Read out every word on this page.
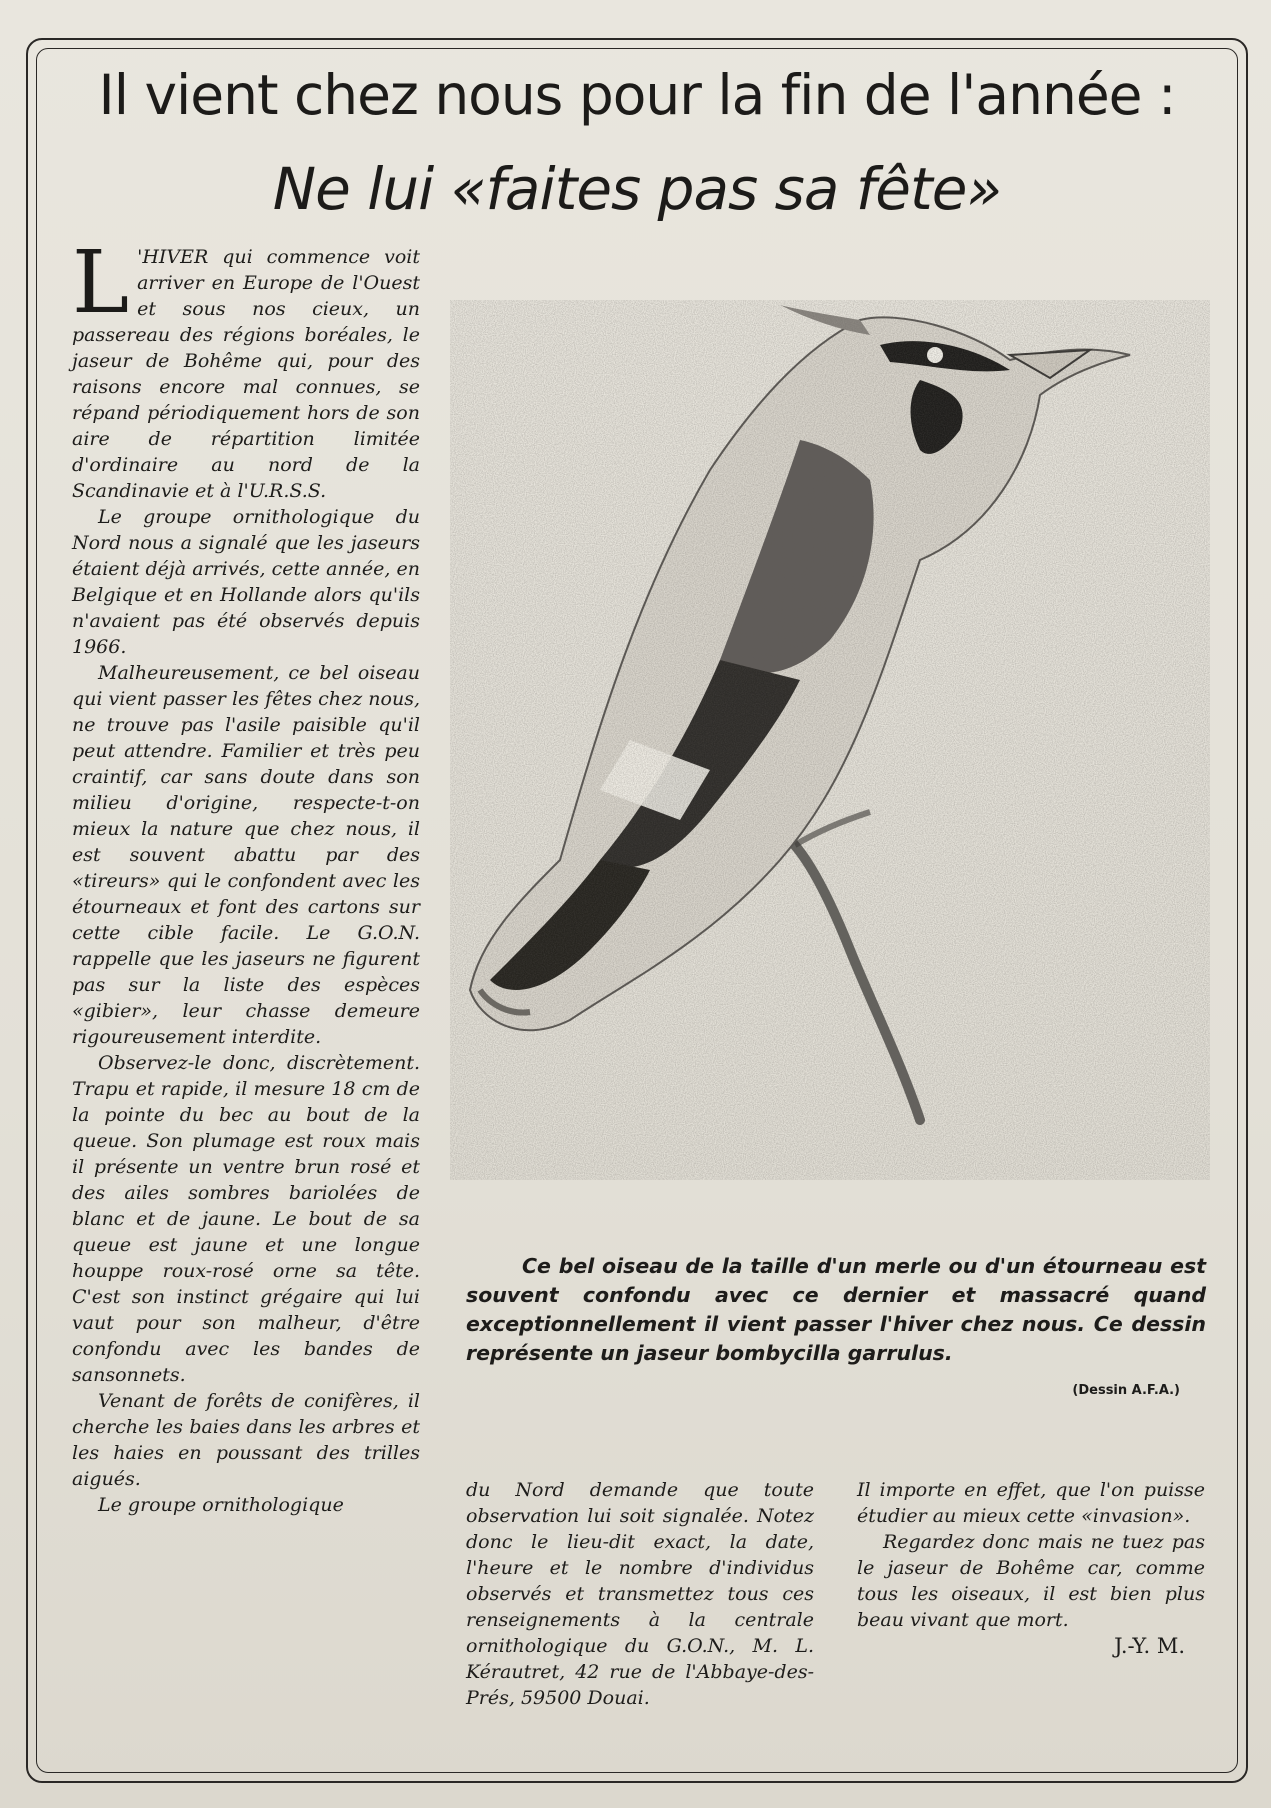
Il vient chez nous pour la fin de l'année :
Ne lui «faites pas sa fête»

L 'HIVER qui commence voit arriver en Europe de l'Ouest et sous nos cieux, un passereau des régions boréales, le jaseur de Bohême qui, pour des raisons encore mal connues, se répand périodiquement hors de son aire de répartition limitée d'ordinaire au nord de la Scandinavie et à l'U.R.S.S.

Le groupe ornithologique du Nord nous a signalé que les jaseurs étaient déjà arrivés, cette année, en Belgique et en Hollande alors qu'ils n'avaient pas été observés depuis 1966.

Malheureusement, ce bel oiseau qui vient passer les fêtes chez nous, ne trouve pas l'asile paisible qu'il peut attendre. Familier et très peu craintif, car sans doute dans son milieu d'origine, respecte-t-on mieux la nature que chez nous, il est souvent abattu par des «tireurs» qui le confondent avec les étourneaux et font des cartons sur cette cible facile. Le G.O.N. rappelle que les jaseurs ne figurent pas sur la liste des espèces «gibier», leur chasse demeure rigoureusement interdite.

Observez-le donc, discrètement. Trapu et rapide, il mesure 18 cm de la pointe du bec au bout de la queue. Son plumage est roux mais il présente un ventre brun rosé et des ailes sombres bariolées de blanc et de jaune. Le bout de sa queue est jaune et une longue houppe roux-rosé orne sa tête. C'est son instinct grégaire qui lui vaut pour son malheur, d'être confondu avec les bandes de sansonnets.

Venant de forêts de conifères, il cherche les baies dans les arbres et les haies en poussant des trilles aigués.

Le groupe ornithologique

Ce bel oiseau de la taille d'un merle ou d'un étourneau est souvent confondu avec ce dernier et massacré quand exceptionnellement il vient passer l'hiver chez nous. Ce dessin représente un jaseur bombycilla garrulus.
(Dessin A.F.A.)

du Nord demande que toute observation lui soit signalée. Notez donc le lieu-dit exact, la date, l'heure et le nombre d'individus observés et transmettez tous ces renseignements à la centrale ornithologique du G.O.N., M. L. Kérautret, 42 rue de l'Abbaye-des-Prés, 59500 Douai.

Il importe en effet, que l'on puisse étudier au mieux cette «invasion».

Regardez donc mais ne tuez pas le jaseur de Bohême car, comme tous les oiseaux, il est bien plus beau vivant que mort.

J.-Y. M.
